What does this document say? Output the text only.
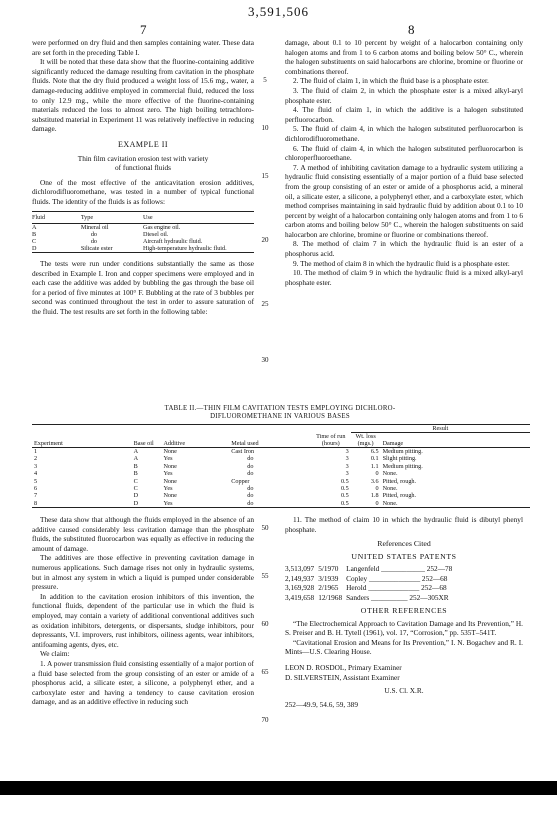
3,591,506
7	8
5
10
15
20
25
30
50
55
60
65
70

were performed on dry fluid and then samples containing water. These data are set forth in the preceding Table I.

It will be noted that these data show that the fluorine-containing additive significantly reduced the damage resulting from cavitation in the phosphate fluids. Note that the dry fluid produced a weight loss of 15.6 mg., water, a damage-reducing additive employed in commercial fluid, reduced the loss to only 12.9 mg., while the more effective of the fluorine-containing materials reduced the loss to almost zero. The high boiling tetrachloro-substituted material in Experiment 11 was relatively ineffective in reducing damage.

EXAMPLE II

Thin film cavitation erosion test with variety

of functional fluids

One of the most effective of the anticavitation erosion additives, dichlorodifluoromethane, was tested in a number of typical functional fluids. The identity of the fluids is as follows:

Fluid	Type	Use
A	Mineral oil	Gas engine oil.
B	do	Diesel oil.
C	do	Aircraft hydraulic fluid.
D	Silicate ester	High-temperature hydraulic fluid.

The tests were run under conditions substantially the same as those described in Example I. Iron and copper specimens were employed and in each case the additive was added by bubbling the gas through the base oil for a period of five minutes at 100° F. Bubbling at the rate of 3 bubbles per second was continued throughout the test in order to assure saturation of the fluid. The test results are set forth in the following table:

damage, about 0.1 to 10 percent by weight of a halocarbon containing only halogen atoms and from 1 to 6 carbon atoms and boiling below 50° C., wherein the halogen substituents on said halocarbons are chlorine, bromine or fluorine or combinations thereof.

2. The fluid of claim 1, in which the fluid base is a phosphate ester.

3. The fluid of claim 2, in which the phosphate ester is a mixed alkyl-aryl phosphate ester.

4. The fluid of claim 1, in which the additive is a halogen substituted perfluorocarbon.

5. The fluid of claim 4, in which the halogen substituted perfluorocarbon is dichlorodifluoromethane.

6. The fluid of claim 4, in which the halogen substituted perfluorocarbon is chloroperfluoroethane.

7. A method of inhibiting cavitation damage to a hydraulic system utilizing a hydraulic fluid consisting essentially of a major portion of a fluid base selected from the group consisting of an ester or amide of a phosphorus acid, a mineral oil, a silicate ester, a silicone, a polyphenyl ether, and a carboxylate ester, which method comprises maintaining in said hydraulic fluid by addition about 0.1 to 10 percent by weight of a halocarbon containing only halogen atoms and from 1 to 6 carbon atoms and boiling below 50° C., wherein the halogen substituents on said halocarbon are chlorine, bromine or fluorine or combinations thereof.

8. The method of claim 7 in which the hydraulic fluid is an ester of a phosphorus acid.

9. The method of claim 8 in which the hydraulic fluid is a phosphate ester.

10. The method of claim 9 in which the hydraulic fluid is a mixed alkyl-aryl phosphate ester.

TABLE II.—THIN FILM CAVITATION TESTS EMPLOYING DICHLORO-
DIFLUOROMETHANE IN VARIOUS BASES
					Result	
Experiment	Base oil	Additive	Metal used	Time of run (hours)	Wt. loss (mgs.)	Damage
1	A	None	Cast Iron	3	6.5	Medium pitting.
2	A	Yes	do	3	0.1	Slight pitting.
3	B	None	do	3	1.1	Medium pitting.
4	B	Yes	do	3	0	None.
5	C	None	Copper	0.5	3.6	Pitted, rough.
6	C	Yes	do	0.5	0	None.
7	D	None	do	0.5	1.8	Pitted, rough.
8	D	Yes	do	0.5	0	None.

These data show that although the fluids employed in the absence of an additive caused considerably less cavitation damage than the phosphate fluids, the substituted fluorocarbon was equally as effective in reducing the amount of damage.

The additives are those effective in preventing cavitation damage in numerous applications. Such damage rises not only in hydraulic systems, but in almost any system in which a liquid is pumped under considerable pressure.

In addition to the cavitation erosion inhibitors of this invention, the functional fluids, dependent of the particular use in which the fluid is employed, may contain a variety of additional conventional additives such as oxidation inhibitors, detergents, or dispersants, sludge inhibitors, pour depressants, V.I. improvers, rust inhibitors, oiliness agents, wear inhibitors, antifoaming agents, dyes, etc.

We claim:

1. A power transmission fluid consisting essentially of a major portion of a fluid base selected from the group consisting of an ester or amide of a phosphorus acid, a silicate ester, a silicone, a polyphenyl ether, and a carboxylate ester and having a tendency to cause cavitation erosion damage, and as an additive effective in reducing such

11. The method of claim 10 in which the hydraulic fluid is dibutyl phenyl phosphate.

References Cited
UNITED STATES PATENTS
3,513,097	5/1970	Langenfeld ____________ 252—78
2,149,937	3/1939	Copley ______________ 252—68
3,169,928	2/1965	Herold ______________ 252—68
3,419,658	12/1968	Sanders __________ 252—305XR
OTHER REFERENCES

“The Electrochemical Approach to Cavitation Damage and Its Prevention,” H. S. Preiser and B. H. Tytell (1961), vol. 17, “Corrosion,” pp. 535T–541T.

“Cavitational Erosion and Means for Its Prevention,” I. N. Bogachev and R. I. Mints—U.S. Clearing House.

LEON D. ROSDOL, Primary Examiner

D. SILVERSTEIN, Assistant Examiner

U.S. Cl. X.R.

252—49.9, 54.6, 59, 389
